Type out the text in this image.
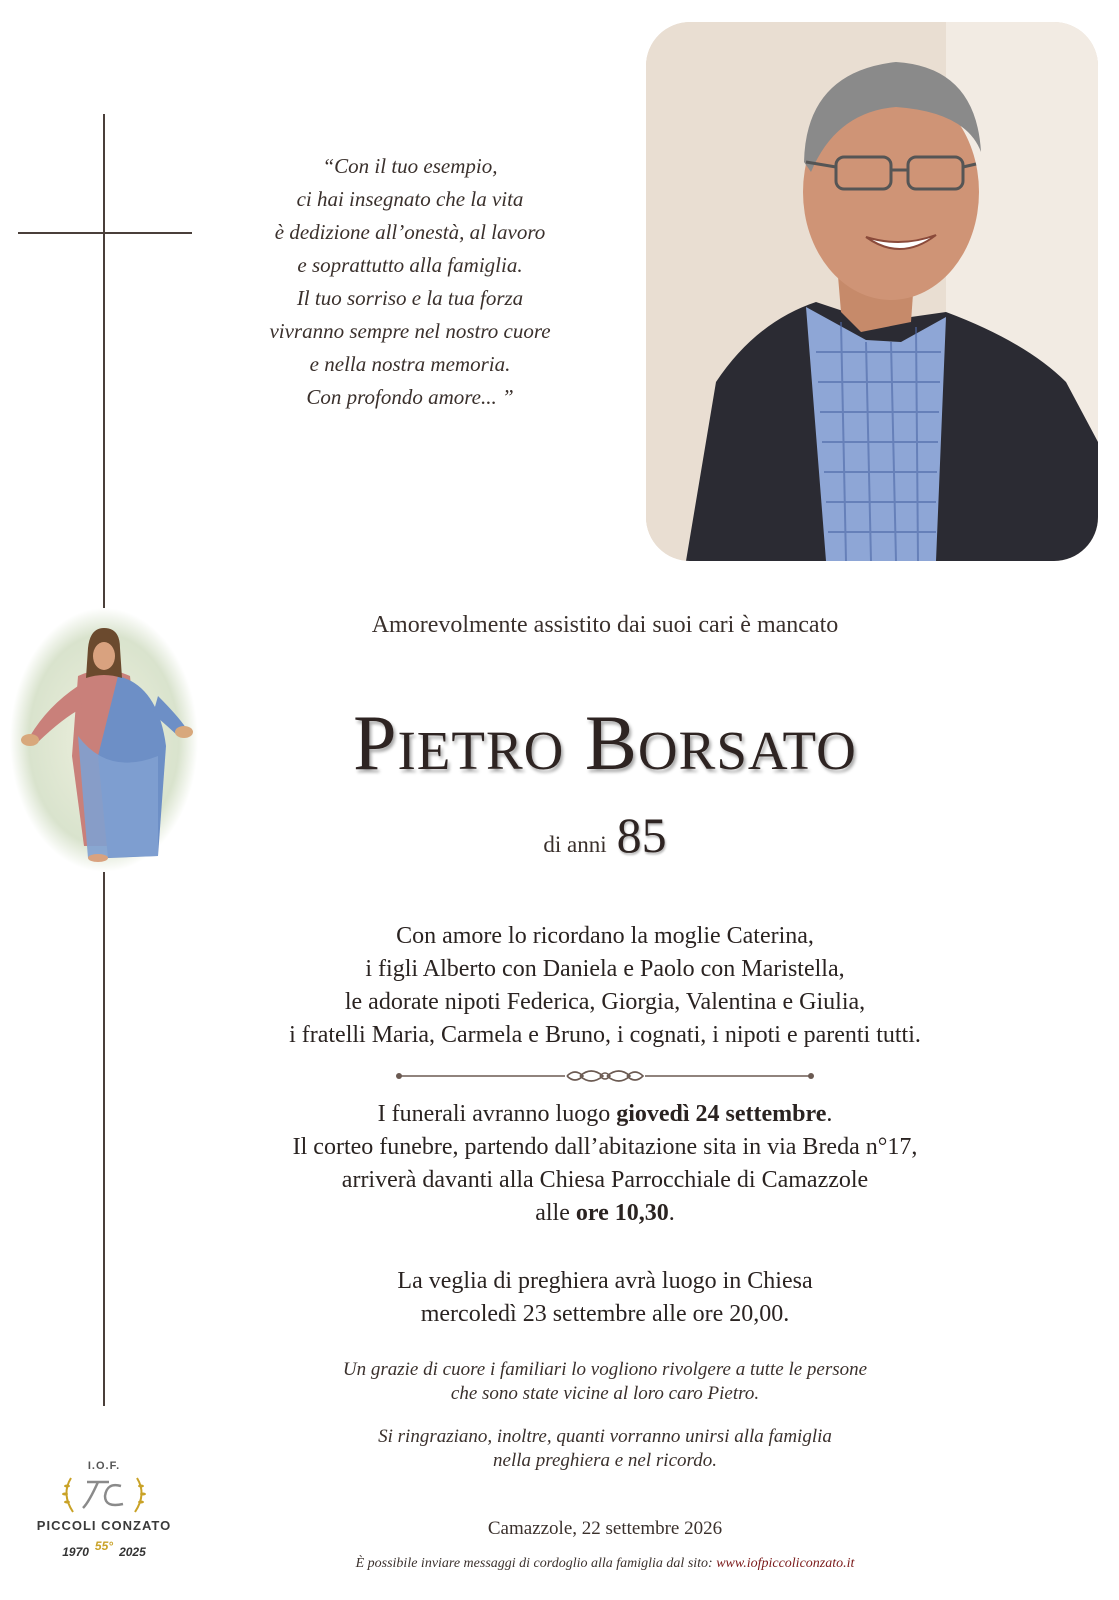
“Con il tuo esempio,
ci hai insegnato che la vita
è dedizione all’onestà, al lavoro
e soprattutto alla famiglia.
Il tuo sorriso e la tua forza
vivranno sempre nel nostro cuore
e nella nostra memoria.
Con profondo amore... ”
Amorevolmente assistito dai suoi cari è mancato
Pietro Borsato
di anni 85
Con amore lo ricordano la moglie Caterina,
i figli Alberto con Daniela e Paolo con Maristella,
le adorate nipoti Federica, Giorgia, Valentina e Giulia,
i fratelli Maria, Carmela e Bruno, i cognati, i nipoti e parenti tutti.
I funerali avranno luogo giovedì 24 settembre.
Il corteo funebre, partendo dall’abitazione sita in via Breda n°17,
arriverà davanti alla Chiesa Parrocchiale di Camazzole
alle ore 10,30.
La veglia di preghiera avrà luogo in Chiesa
mercoledì 23 settembre alle ore 20,00.
Un grazie di cuore i familiari lo vogliono rivolgere a tutte le persone
che sono state vicine al loro caro Pietro.
Si ringraziano, inoltre, quanti vorranno unirsi alla famiglia
nella preghiera e nel ricordo.
Camazzole, 22 settembre 2026
È possibile inviare messaggi di cordoglio alla famiglia dal sito: www.iofpiccoliconzato.it
I.O.F.
PICCOLI CONZATO
1970 55° 2025
